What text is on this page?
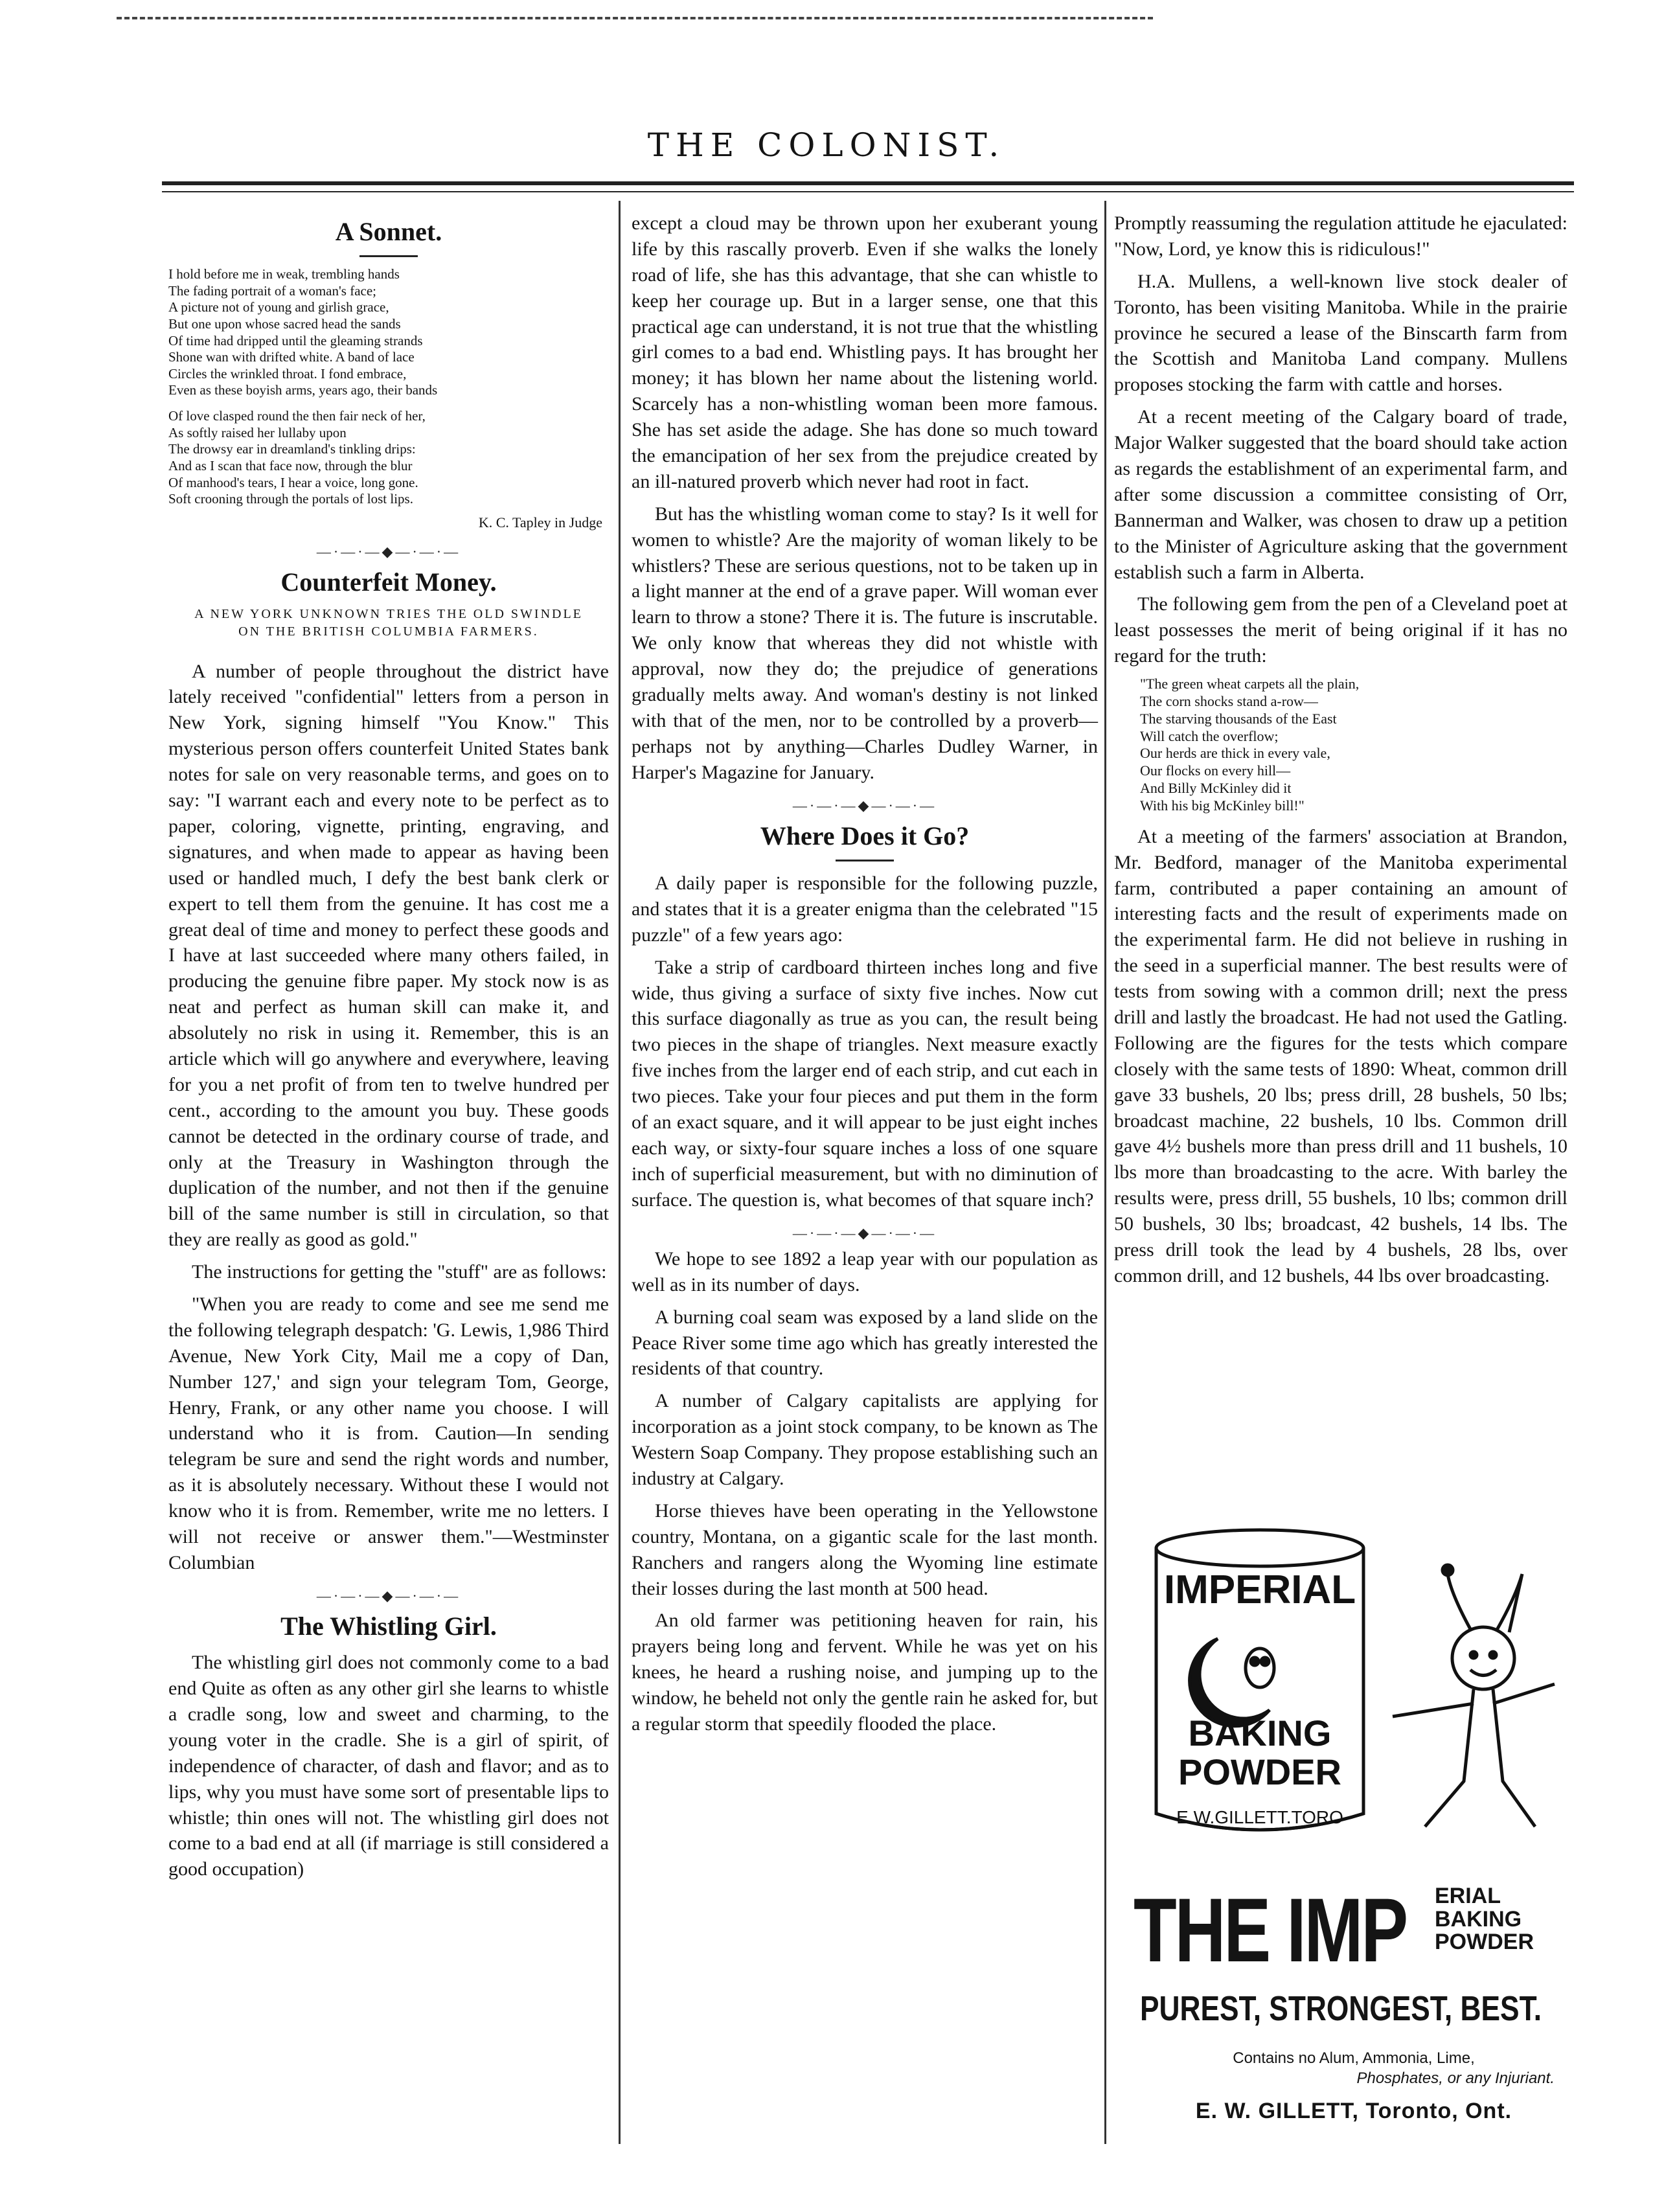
THE COLONIST.
A Sonnet.
I hold before me in weak, trembling hands
The fading portrait of a woman's face;
A picture not of young and girlish grace,
But one upon whose sacred head the sands
Of time had dripped until the gleaming strands
Shone wan with drifted white. A band of lace
Circles the wrinkled throat. I fond embrace,
Even as these boyish arms, years ago, their bands
Of love clasped round the then fair neck of her,
As softly raised her lullaby upon
The drowsy ear in dreamland's tinkling drips:
And as I scan that face now, through the blur
Of manhood's tears, I hear a voice, long gone.
Soft crooning through the portals of lost lips.
K. C. Tapley in Judge
—·—·—◆—·—·—
Counterfeit Money.
A NEW YORK UNKNOWN TRIES THE OLD SWINDLE ON THE BRITISH COLUMBIA FARMERS.

A number of people throughout the district have lately received "confidential" letters from a person in New York, signing himself "You Know." This mysterious person offers counterfeit United States bank notes for sale on very reasonable terms, and goes on to say: "I warrant each and every note to be perfect as to paper, coloring, vignette, printing, engraving, and signatures, and when made to appear as having been used or handled much, I defy the best bank clerk or expert to tell them from the genuine. It has cost me a great deal of time and money to perfect these goods and I have at last succeeded where many others failed, in producing the genuine fibre paper. My stock now is as neat and perfect as human skill can make it, and absolutely no risk in using it. Remember, this is an article which will go anywhere and everywhere, leaving for you a net profit of from ten to twelve hundred per cent., according to the amount you buy. These goods cannot be detected in the ordinary course of trade, and only at the Treasury in Washington through the duplication of the number, and not then if the genuine bill of the same number is still in circulation, so that they are really as good as gold."

The instructions for getting the "stuff" are as follows:

"When you are ready to come and see me send me the following telegraph despatch: 'G. Lewis, 1,986 Third Avenue, New York City, Mail me a copy of Dan, Number 127,' and sign your telegram Tom, George, Henry, Frank, or any other name you choose. I will understand who it is from. Caution—In sending telegram be sure and send the right words and number, as it is absolutely necessary. Without these I would not know who it is from. Remember, write me no letters. I will not receive or answer them."—Westminster Columbian

—·—·—◆—·—·—
The Whistling Girl.

The whistling girl does not commonly come to a bad end Quite as often as any other girl she learns to whistle a cradle song, low and sweet and charming, to the young voter in the cradle. She is a girl of spirit, of independence of character, of dash and flavor; and as to lips, why you must have some sort of presentable lips to whistle; thin ones will not. The whistling girl does not come to a bad end at all (if marriage is still considered a good occupation)

except a cloud may be thrown upon her exuberant young life by this rascally proverb. Even if she walks the lonely road of life, she has this advantage, that she can whistle to keep her courage up. But in a larger sense, one that this practical age can understand, it is not true that the whistling girl comes to a bad end. Whistling pays. It has brought her money; it has blown her name about the listening world. Scarcely has a non-whistling woman been more famous. She has set aside the adage. She has done so much toward the emancipation of her sex from the prejudice created by an ill-natured proverb which never had root in fact.

But has the whistling woman come to stay? Is it well for women to whistle? Are the majority of woman likely to be whistlers? These are serious questions, not to be taken up in a light manner at the end of a grave paper. Will woman ever learn to throw a stone? There it is. The future is inscrutable. We only know that whereas they did not whistle with approval, now they do; the prejudice of generations gradually melts away. And woman's destiny is not linked with that of the men, nor to be controlled by a proverb—perhaps not by anything—Charles Dudley Warner, in Harper's Magazine for January.

—·—·—◆—·—·—
Where Does it Go?

A daily paper is responsible for the following puzzle, and states that it is a greater enigma than the celebrated "15 puzzle" of a few years ago:

Take a strip of cardboard thirteen inches long and five wide, thus giving a surface of sixty five inches. Now cut this surface diagonally as true as you can, the result being two pieces in the shape of triangles. Next measure exactly five inches from the larger end of each strip, and cut each in two pieces. Take your four pieces and put them in the form of an exact square, and it will appear to be just eight inches each way, or sixty-four square inches a loss of one square inch of superficial measurement, but with no diminution of surface. The question is, what becomes of that square inch?

—·—·—◆—·—·—

We hope to see 1892 a leap year with our population as well as in its number of days.

A burning coal seam was exposed by a land slide on the Peace River some time ago which has greatly interested the residents of that country.

A number of Calgary capitalists are applying for incorporation as a joint stock company, to be known as The Western Soap Company. They propose establishing such an industry at Calgary.

Horse thieves have been operating in the Yellowstone country, Montana, on a gigantic scale for the last month. Ranchers and rangers along the Wyoming line estimate their losses during the last month at 500 head.

An old farmer was petitioning heaven for rain, his prayers being long and fervent. While he was yet on his knees, he heard a rushing noise, and jumping up to the window, he beheld not only the gentle rain he asked for, but a regular storm that speedily flooded the place.

Promptly reassuming the regulation attitude he ejaculated: "Now, Lord, ye know this is ridiculous!"

H.A. Mullens, a well-known live stock dealer of Toronto, has been visiting Manitoba. While in the prairie province he secured a lease of the Binscarth farm from the Scottish and Manitoba Land company. Mullens proposes stocking the farm with cattle and horses.

At a recent meeting of the Calgary board of trade, Major Walker suggested that the board should take action as regards the establishment of an experimental farm, and after some discussion a committee consisting of Orr, Bannerman and Walker, was chosen to draw up a petition to the Minister of Agriculture asking that the government establish such a farm in Alberta.

The following gem from the pen of a Cleveland poet at least possesses the merit of being original if it has no regard for the truth:

"The green wheat carpets all the plain,
The corn shocks stand a-row—
The starving thousands of the East
Will catch the overflow;
Our herds are thick in every vale,
Our flocks on every hill—
And Billy McKinley did it
With his big McKinley bill!"

At a meeting of the farmers' association at Brandon, Mr. Bedford, manager of the Manitoba experimental farm, contributed a paper containing an amount of interesting facts and the result of experiments made on the experimental farm. He did not believe in rushing in the seed in a superficial manner. The best results were of tests from sowing with a common drill; next the press drill and lastly the broadcast. He had not used the Gatling. Following are the figures for the tests which compare closely with the same tests of 1890: Wheat, common drill gave 33 bushels, 20 lbs; press drill, 28 bushels, 50 lbs; broadcast machine, 22 bushels, 10 lbs. Common drill gave 4½ bushels more than press drill and 11 bushels, 10 lbs more than broadcasting to the acre. With barley the results were, press drill, 55 bushels, 10 lbs; common drill 50 bushels, 30 lbs; broadcast, 42 bushels, 14 lbs. The press drill took the lead by 4 bushels, 28 lbs, over common drill, and 12 bushels, 44 lbs over broadcasting.

IMPERIAL
BAKING
POWDER
E.W.GILLETT.TORO
THE IMP ERIAL
BAKING
POWDER
PUREST, STRONGEST, BEST.
Contains no Alum, Ammonia, Lime,
Phosphates, or any Injuriant.
E. W. GILLETT, Toronto, Ont.
